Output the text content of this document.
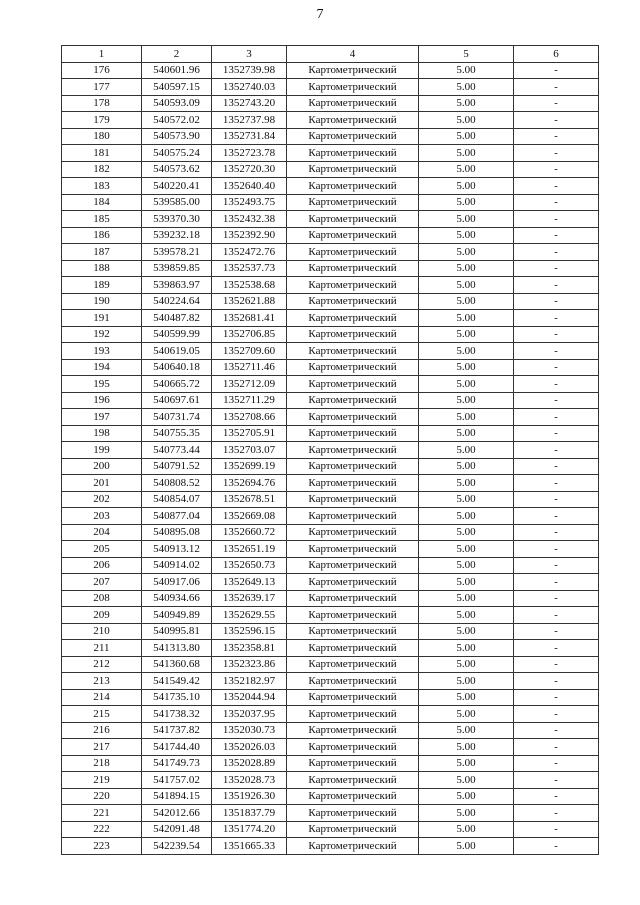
7
1	2	3	4	5	6
176	540601.96	1352739.98	Картометрический	5.00	-
177	540597.15	1352740.03	Картометрический	5.00	-
178	540593.09	1352743.20	Картометрический	5.00	-
179	540572.02	1352737.98	Картометрический	5.00	-
180	540573.90	1352731.84	Картометрический	5.00	-
181	540575.24	1352723.78	Картометрический	5.00	-
182	540573.62	1352720.30	Картометрический	5.00	-
183	540220.41	1352640.40	Картометрический	5.00	-
184	539585.00	1352493.75	Картометрический	5.00	-
185	539370.30	1352432.38	Картометрический	5.00	-
186	539232.18	1352392.90	Картометрический	5.00	-
187	539578.21	1352472.76	Картометрический	5.00	-
188	539859.85	1352537.73	Картометрический	5.00	-
189	539863.97	1352538.68	Картометрический	5.00	-
190	540224.64	1352621.88	Картометрический	5.00	-
191	540487.82	1352681.41	Картометрический	5.00	-
192	540599.99	1352706.85	Картометрический	5.00	-
193	540619.05	1352709.60	Картометрический	5.00	-
194	540640.18	1352711.46	Картометрический	5.00	-
195	540665.72	1352712.09	Картометрический	5.00	-
196	540697.61	1352711.29	Картометрический	5.00	-
197	540731.74	1352708.66	Картометрический	5.00	-
198	540755.35	1352705.91	Картометрический	5.00	-
199	540773.44	1352703.07	Картометрический	5.00	-
200	540791.52	1352699.19	Картометрический	5.00	-
201	540808.52	1352694.76	Картометрический	5.00	-
202	540854.07	1352678.51	Картометрический	5.00	-
203	540877.04	1352669.08	Картометрический	5.00	-
204	540895.08	1352660.72	Картометрический	5.00	-
205	540913.12	1352651.19	Картометрический	5.00	-
206	540914.02	1352650.73	Картометрический	5.00	-
207	540917.06	1352649.13	Картометрический	5.00	-
208	540934.66	1352639.17	Картометрический	5.00	-
209	540949.89	1352629.55	Картометрический	5.00	-
210	540995.81	1352596.15	Картометрический	5.00	-
211	541313.80	1352358.81	Картометрический	5.00	-
212	541360.68	1352323.86	Картометрический	5.00	-
213	541549.42	1352182.97	Картометрический	5.00	-
214	541735.10	1352044.94	Картометрический	5.00	-
215	541738.32	1352037.95	Картометрический	5.00	-
216	541737.82	1352030.73	Картометрический	5.00	-
217	541744.40	1352026.03	Картометрический	5.00	-
218	541749.73	1352028.89	Картометрический	5.00	-
219	541757.02	1352028.73	Картометрический	5.00	-
220	541894.15	1351926.30	Картометрический	5.00	-
221	542012.66	1351837.79	Картометрический	5.00	-
222	542091.48	1351774.20	Картометрический	5.00	-
223	542239.54	1351665.33	Картометрический	5.00	-
